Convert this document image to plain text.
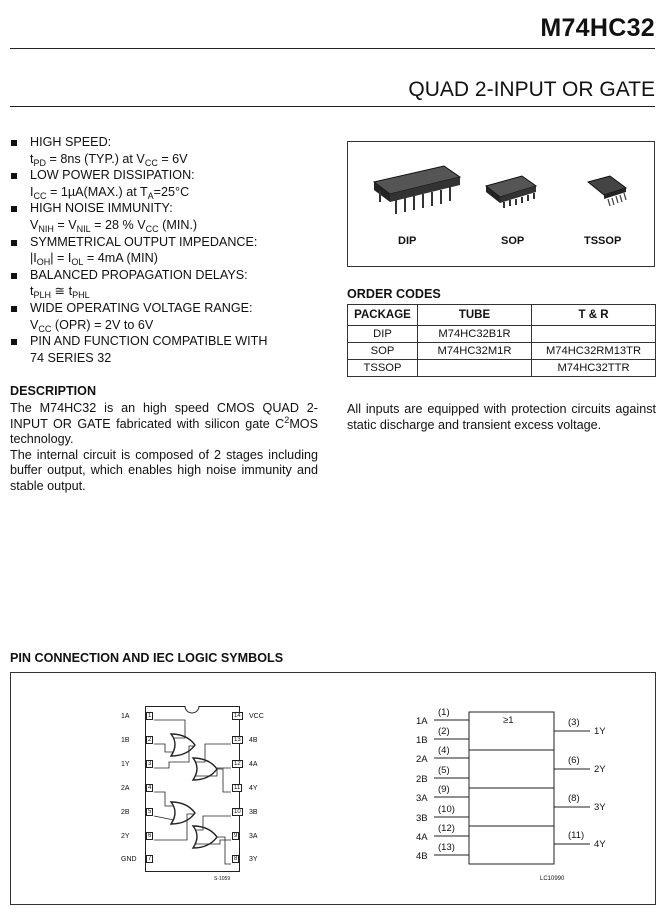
M74HC32
QUAD 2-INPUT OR GATE
HIGH SPEED:
$t_{PD} = 8ns$ (TYP.) at $V_{CC} = 6V$
LOW POWER DISSIPATION:
$I_{CC} = 1\mu A(MAX.)$ at $T_A=25^\circ C$
HIGH NOISE IMMUNITY:
$V_{NIH} = V_{NIL} = 28$ % $V_{CC}$ (MIN.)
SYMMETRICAL OUTPUT IMPEDANCE:
$|I_{OH}| = I_{OL} = 4mA$ (MIN)
BALANCED PROPAGATION DELAYS:
$t_{PLH}$ ≅ $t_{PHL}$
WIDE OPERATING VOLTAGE RANGE:
$V_{CC}$ (OPR) = 2V to 6V
PIN AND FUNCTION COMPATIBLE WITH
74 SERIES 32
DIP	SOP	TSSOP
ORDER CODES
PACKAGE	TUBE	T & R
DIP	M74HC32B1R	
SOP	M74HC32M1R	M74HC32RM13TR
TSSOP		M74HC32TTR
DESCRIPTION
The M74HC32 is an high speed CMOS QUAD 2-INPUT OR GATE fabricated with silicon gate $C^2MOS$ technology.
The internal circuit is composed of 2 stages including buffer output, which enables high noise immunity and stable output.
All inputs are equipped with protection circuits against static discharge and transient excess voltage.
PIN CONNECTION AND IEC LOGIC SYMBOLS
S-1059
1A	1
1B	2
1Y	3
2A	4
2B	5
2Y	6
GND	7
VCC
14
4B
13
4A
12
4Y
11
3B
10
3A
9
3Y
8
≥1
LC10990
1A
(1)
1B
(2)
2A
(4)
2B
(5)
3A
(9)
3B
(10)
4A
(12)
4B
(13)
1Y
(3)
2Y
(6)
3Y
(8)
4Y
(11)
